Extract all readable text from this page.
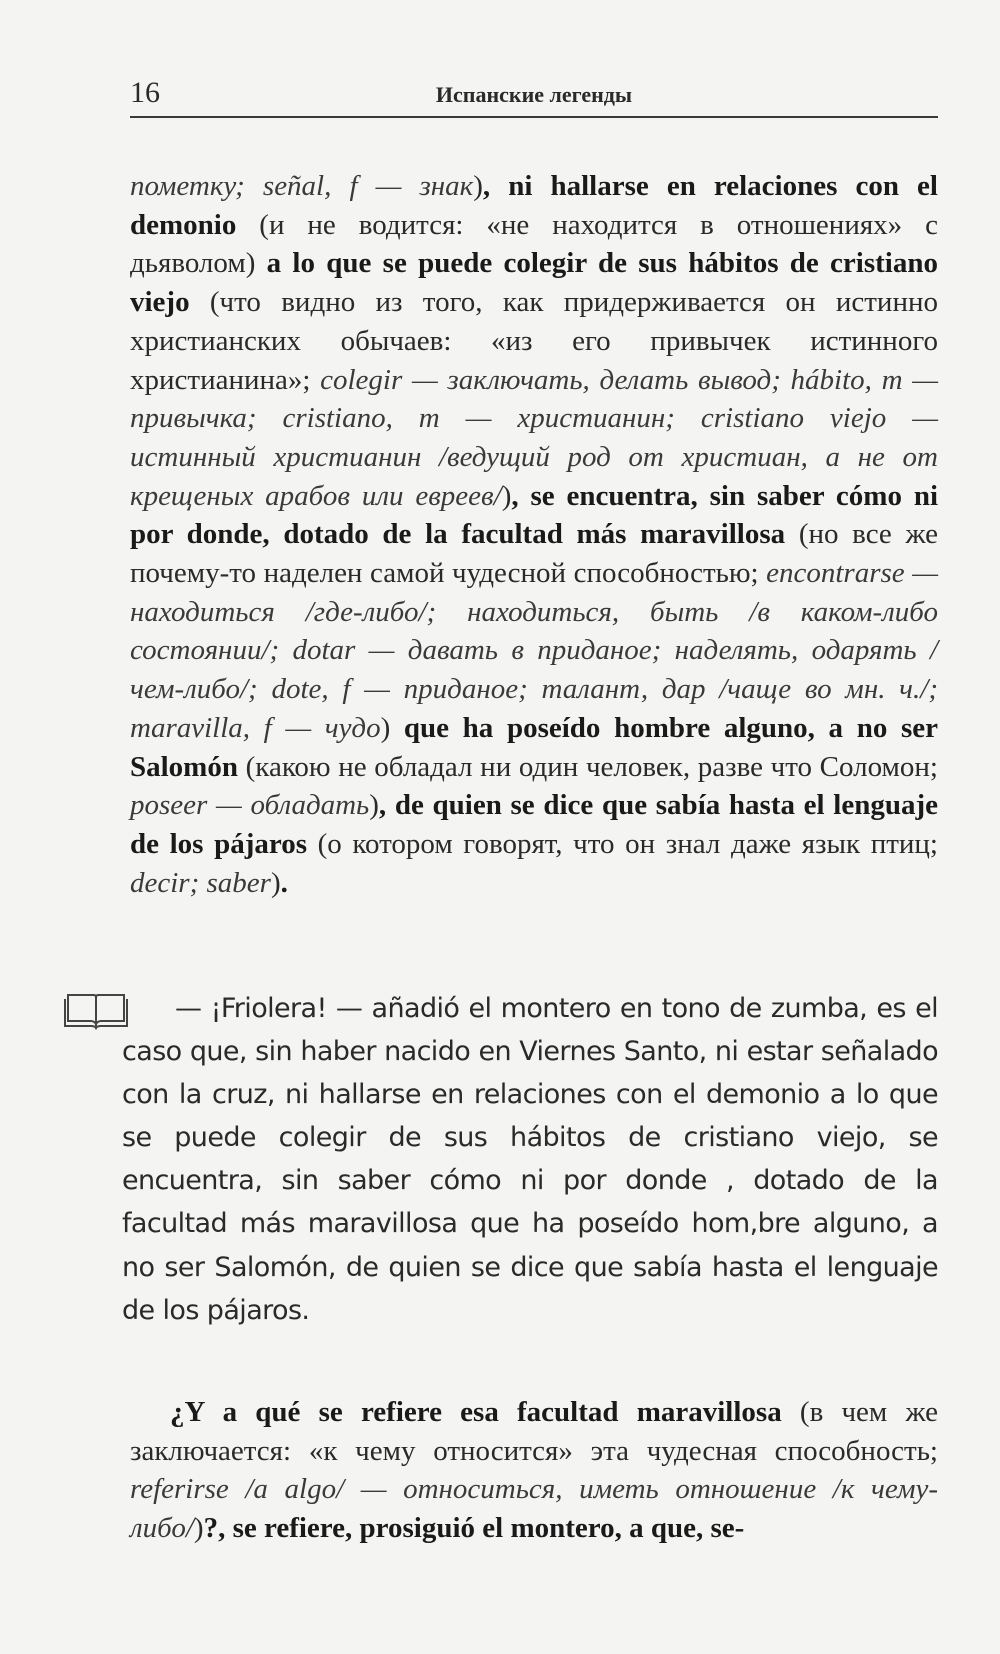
16	Испанские легенды
пометку; señal, f — знак), ni hallarse en relaciones con el demonio (и не водится: «не находится в отношениях» с дьяволом) a lo que se puede colegir de sus hábitos de cristiano viejo (что видно из того, как придерживается он истинно христианских обычаев: «из его привычек истинного христианина»; colegir — заключать, делать вывод; hábito, m — привычка; cristiano, m — христианин; cristiano viejo — истинный христианин /ведущий род от христиан, а не от крещеных арабов или евреев/), se encuentra, sin saber cómo ni por donde, dotado de la facultad más maravillosa (но все же почему-то наделен самой чудесной способностью; encontrarse — находиться /где-либо/; находиться, быть /в каком-либо состоянии/; dotar — давать в приданое; наделять, одарять /чем-либо/; dote, f — приданое; талант, дар /чаще во мн. ч./; maravilla, f — чудо) que ha poseído hombre alguno, a no ser Salomón (какою не обладал ни один человек, разве что Соломон; poseer — обладать), de quien se dice que sabía hasta el lenguaje de los pájaros (о котором говорят, что он знал даже язык птиц; decir; saber).
— ¡Friolera! — añadió el montero en tono de zumba, es el caso que, sin haber nacido en Viernes Santo, ni estar señalado con la cruz, ni hallarse en relaciones con el demonio a lo que se puede colegir de sus hábitos de cristiano viejo, se encuentra, sin saber cómo ni por donde , dotado de la facultad más maravillosa que ha poseído hom,bre alguno, a no ser Salomón, de quien se dice que sabía hasta el lenguaje de los pájaros.
¿Y a qué se refiere esa facultad maravillosa (в чем же заключается: «к чему относится» эта чудесная способность; referirse /a algo/ — относиться, иметь отношение /к чему-либо/)?, se refiere, prosiguió el montero, a que, se-
